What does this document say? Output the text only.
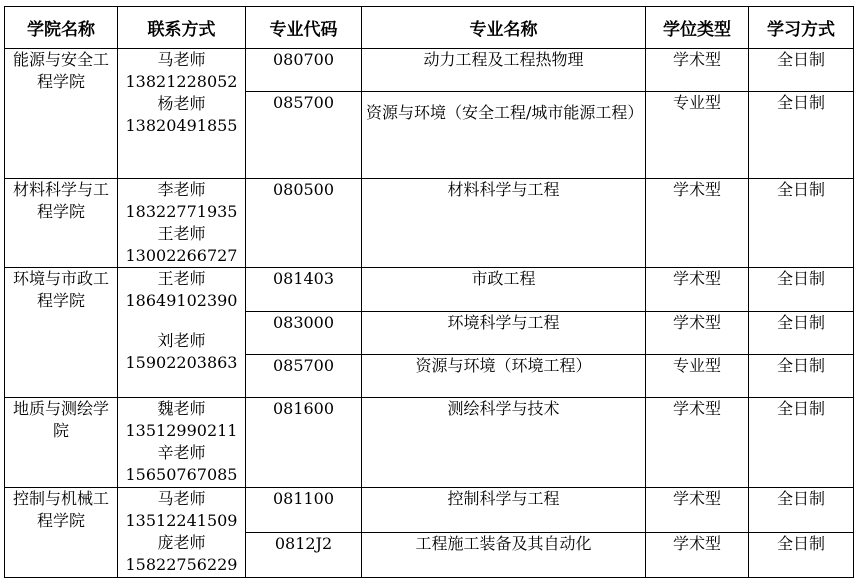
学院名称	联系方式	专业代码	专业名称	学位类型	学习方式
能源与安全工程学院	马老师
13821228052
杨老师
13820491855	080700	动力工程及工程热物理	学术型	全日制
		085700	资源与环境（安全工程/城市能源工程）	专业型	全日制
材料科学与工程学院	李老师
18322771935
王老师
13002266727	080500	材料科学与工程	学术型	全日制
环境与市政工程学院	王老师
18649102390
刘老师
15902203863	081403	市政工程	学术型	全日制
		083000	环境科学与工程	学术型	全日制
		085700	资源与环境（环境工程）	专业型	全日制
地质与测绘学院	魏老师
13512990211
辛老师
15650767085	081600	测绘科学与技术	学术型	全日制
控制与机械工程学院	马老师
13512241509
庞老师
15822756229	081100	控制科学与工程	学术型	全日制
		0812J2	工程施工装备及其自动化	学术型	全日制
